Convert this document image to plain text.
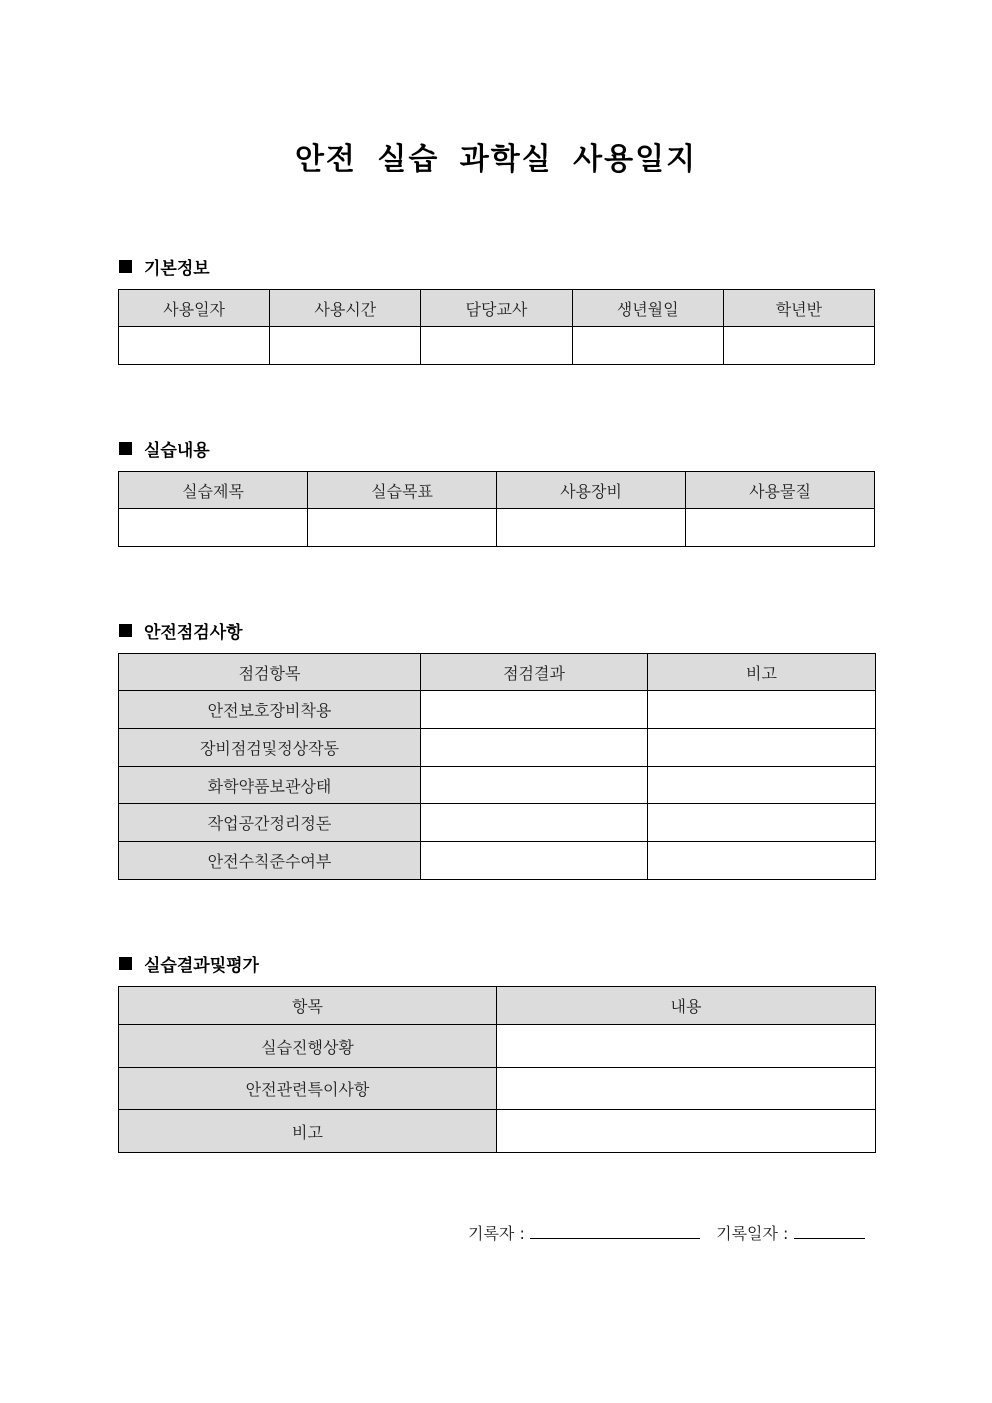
안전 실습 과학실 사용일지
기본정보
사용일자	사용시간	담당교사	생년월일	학년반

실습내용
실습제목	실습목표	사용장비	사용물질

안전점검사항
점검항목	점검결과	비고
안전보호장비착용		
장비점검및정상작동		
화학약품보관상태		
작업공간정리정돈		
안전수칙준수여부		
실습결과및평가
항목	내용
실습진행상황	
안전관련특이사항	
비고	
기록자 :	기록일자 :
